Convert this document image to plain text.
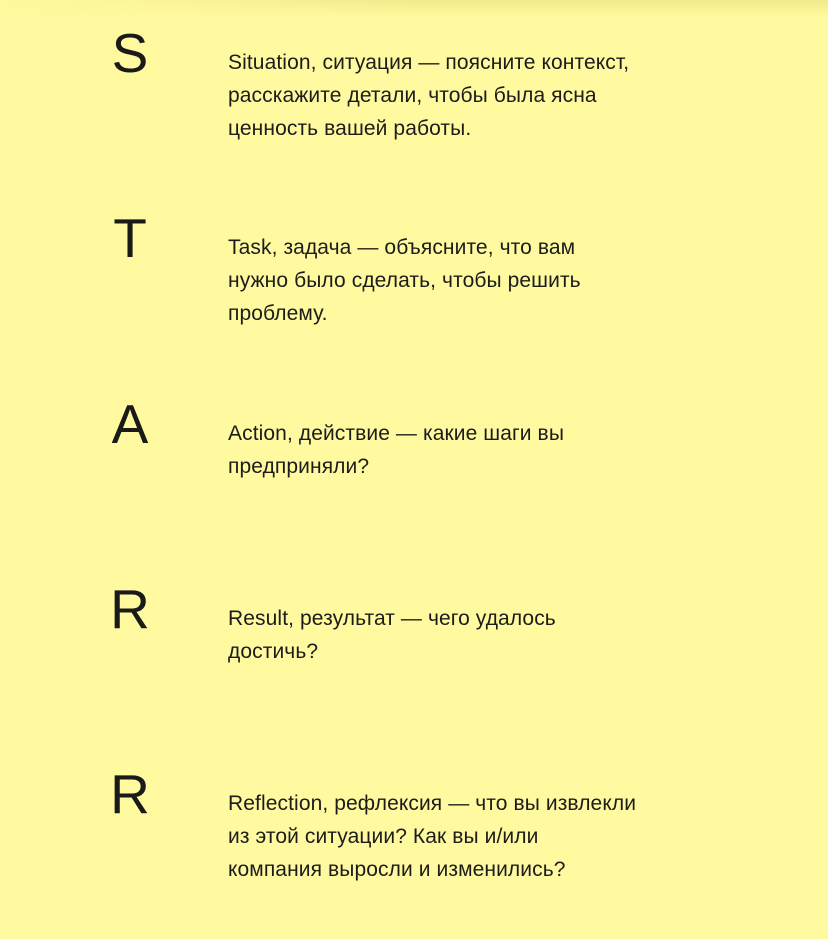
S	Situation, ситуация — поясните контекст,
расскажите детали, чтобы была ясна
ценность вашей работы.
T	Task, задача — объясните, что вам
нужно было сделать, чтобы решить
проблему.
A	Action, действие — какие шаги вы
предприняли?
R	Result, результат — чего удалось
достичь?
R	Reflection, рефлексия — что вы извлекли
из этой ситуации? Как вы и/или
компания выросли и изменились?
